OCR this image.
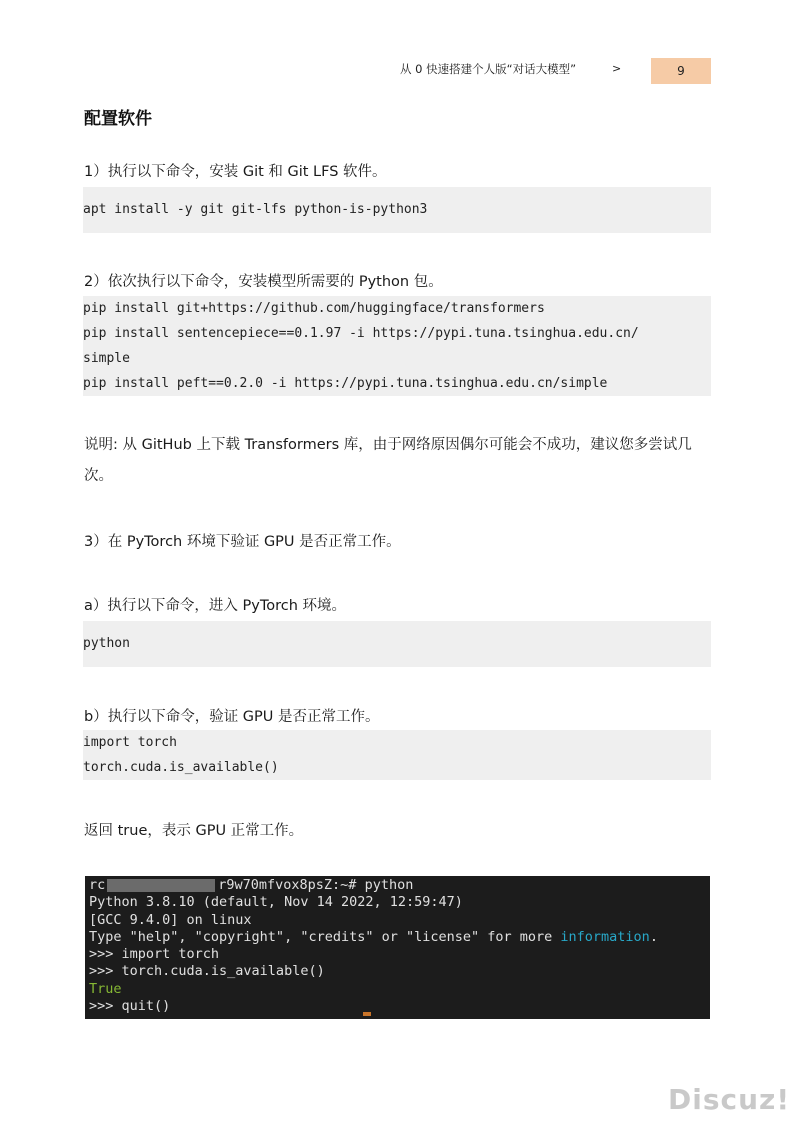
从 0 快速搭建个人版“对话大模型”	>	9
配置软件
1）执行以下命令，安装 Git 和 Git LFS 软件。
apt install -y git git-lfs python-is-python3
2）依次执行以下命令，安装模型所需要的 Python 包。
pip install git+https://github.com/huggingface/transformers
pip install sentencepiece==0.1.97 -i https://pypi.tuna.tsinghua.edu.cn/
simple
pip install peft==0.2.0 -i https://pypi.tuna.tsinghua.edu.cn/simple
说明: 从 GitHub 上下载 Transformers 库，由于网络原因偶尔可能会不成功，建议您多尝试几次。
3）在 PyTorch 环境下验证 GPU 是否正常工作。
a）执行以下命令，进入 PyTorch 环境。
python
b）执行以下命令，验证 GPU 是否正常工作。
import torch
torch.cuda.is_available()
返回 true，表示 GPU 正常工作。
rc	r9w70mfvox8psZ:~# python
Python 3.8.10 (default, Nov 14 2022, 12:59:47)
[GCC 9.4.0] on linux
Type "help", "copyright", "credits" or "license" for more information.
>>> import torch
>>> torch.cuda.is_available()
True
>>> quit()
Discuz!
